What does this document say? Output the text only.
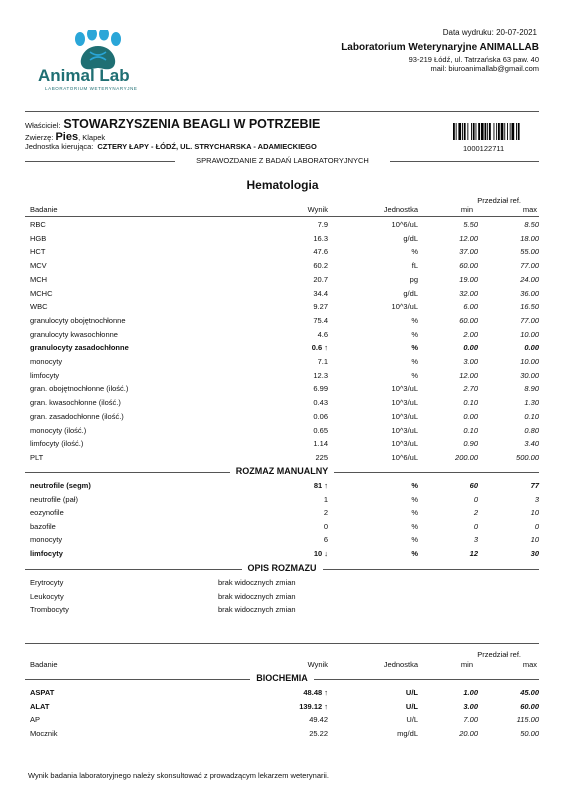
Animal Lab
LABORATORIUM WETERYNARYJNE
Data wydruku: 20-07-2021
Laboratorium Weterynaryjne ANIMALLAB
93-219 Łódź, ul. Tatrzańska 63 paw. 40
mail: biuroanimallab@gmail.com
Właściciel: STOWARZYSZENIA BEAGLI W POTRZEBIE
Zwierzę: Pies, Klapek
Jednostka kierująca: CZTERY ŁAPY - ŁÓDŹ, UL. STRYCHARSKA - ADAMIECKIEGO	1000122711
SPRAWOZDANIE Z BADAŃ LABORATORYJNYCH
Hematologia
Przedział ref.
Badanie	Wynik	Jednostka	min	max
RBC	7.9	10^6/uL	5.50	8.50
HGB	16.3	g/dL	12.00	18.00
HCT	47.6	%	37.00	55.00
MCV	60.2	fL	60.00	77.00
MCH	20.7	pg	19.00	24.00
MCHC	34.4	g/dL	32.00	36.00
WBC	9.27	10^3/uL	6.00	16.50
granulocyty obojętnochłonne	75.4	%	60.00	77.00
granulocyty kwasochłonne	4.6	%	2.00	10.00
granulocyty zasadochłonne	0.6 ↑	%	0.00	0.00
monocyty	7.1	%	3.00	10.00
limfocyty	12.3	%	12.00	30.00
gran. obojętnochłonne (ilość.)	6.99	10^3/uL	2.70	8.90
gran. kwasochłonne (ilość.)	0.43	10^3/uL	0.10	1.30
gran. zasadochłonne (ilość.)	0.06	10^3/uL	0.00	0.10
monocyty (ilość.)	0.65	10^3/uL	0.10	0.80
limfocyty (ilość.)	1.14	10^3/uL	0.90	3.40
PLT	225	10^6/uL	200.00	500.00
ROZMAZ MANUALNY
neutrofile (segm)	81 ↑	%	60	77
neutrofile (pał)	1	%	0	3
eozynofile	2	%	2	10
bazofile	0	%	0	0
monocyty	6	%	3	10
limfocyty	10 ↓	%	12	30
OPIS ROZMAZU
Erytrocyty	brak widocznych zmian
Leukocyty	brak widocznych zmian
Trombocyty	brak widocznych zmian
Przedział ref.
Badanie	Wynik	Jednostka	min	max
BIOCHEMIA
ASPAT	48.48 ↑	U/L	1.00	45.00
ALAT	139.12 ↑	U/L	3.00	60.00
AP	49.42	U/L	7.00	115.00
Mocznik	25.22	mg/dL	20.00	50.00
Wynik badania laboratoryjnego należy skonsultować z prowadzącym lekarzem weterynarii.
